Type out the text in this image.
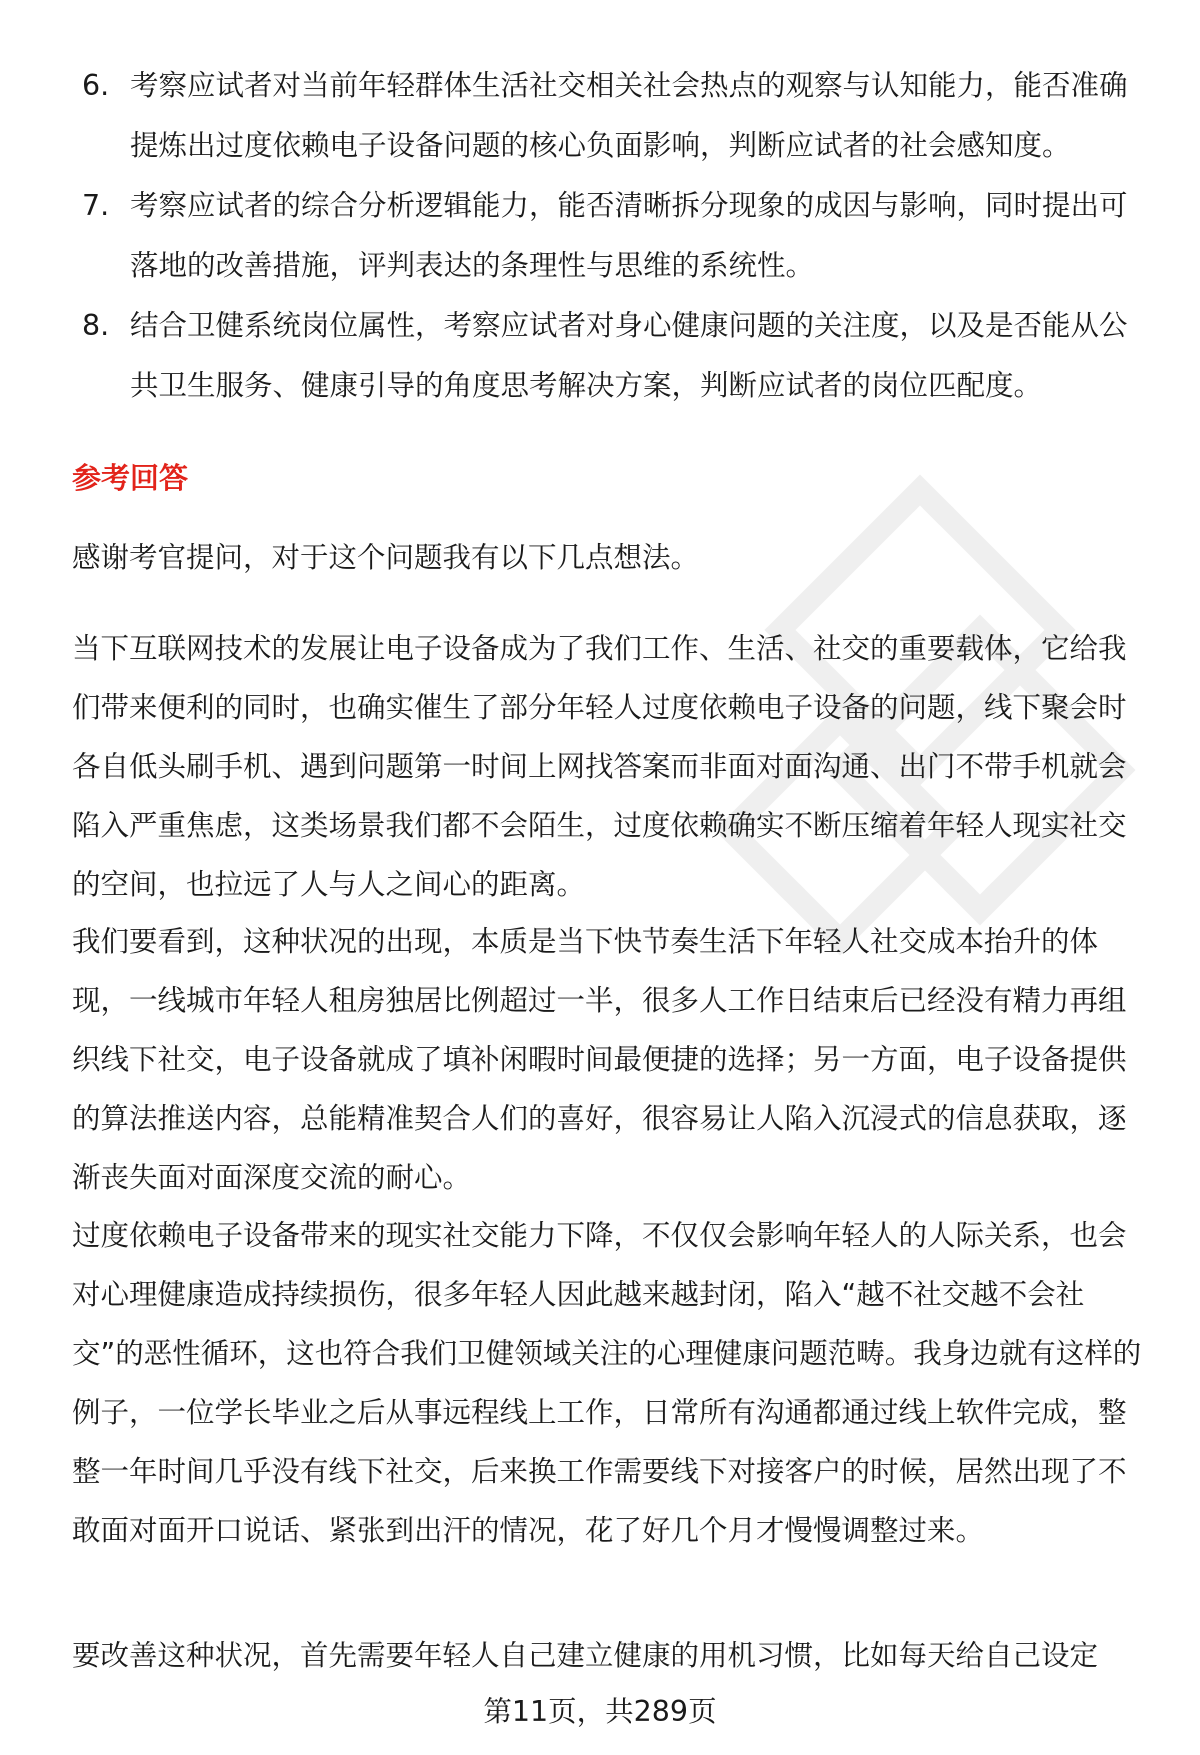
6. 考察应试者对当前年轻群体生活社交相关社会热点的观察与认知能力，能否准确提炼出过度依赖电子设备问题的核心负面影响，判断应试者的社会感知度。
7. 考察应试者的综合分析逻辑能力，能否清晰拆分现象的成因与影响，同时提出可落地的改善措施，评判表达的条理性与思维的系统性。
8. 结合卫健系统岗位属性，考察应试者对身心健康问题的关注度，以及是否能从公共卫生服务、健康引导的角度思考解决方案，判断应试者的岗位匹配度。
参考回答

感谢考官提问，对于这个问题我有以下几点想法。

当下互联网技术的发展让电子设备成为了我们工作、生活、社交的重要载体，它给我们带来便利的同时，也确实催生了部分年轻人过度依赖电子设备的问题，线下聚会时各自低头刷手机、遇到问题第一时间上网找答案而非面对面沟通、出门不带手机就会陷入严重焦虑，这类场景我们都不会陌生，过度依赖确实不断压缩着年轻人现实社交的空间，也拉远了人与人之间心的距离。

我们要看到，这种状况的出现，本质是当下快节奏生活下年轻人社交成本抬升的体现，一线城市年轻人租房独居比例超过一半，很多人工作日结束后已经没有精力再组织线下社交，电子设备就成了填补闲暇时间最便捷的选择；另一方面，电子设备提供的算法推送内容，总能精准契合人们的喜好，很容易让人陷入沉浸式的信息获取，逐渐丧失面对面深度交流的耐心。

过度依赖电子设备带来的现实社交能力下降，不仅仅会影响年轻人的人际关系，也会对心理健康造成持续损伤，很多年轻人因此越来越封闭，陷入“越不社交越不会社交”的恶性循环，这也符合我们卫健领域关注的心理健康问题范畴。我身边就有这样的例子，一位学长毕业之后从事远程线上工作，日常所有沟通都通过线上软件完成，整整一年时间几乎没有线下社交，后来换工作需要线下对接客户的时候，居然出现了不敢面对面开口说话、紧张到出汗的情况，花了好几个月才慢慢调整过来。

要改善这种状况，首先需要年轻人自己建立健康的用机习惯，比如每天给自己设定

第11页，共289页
